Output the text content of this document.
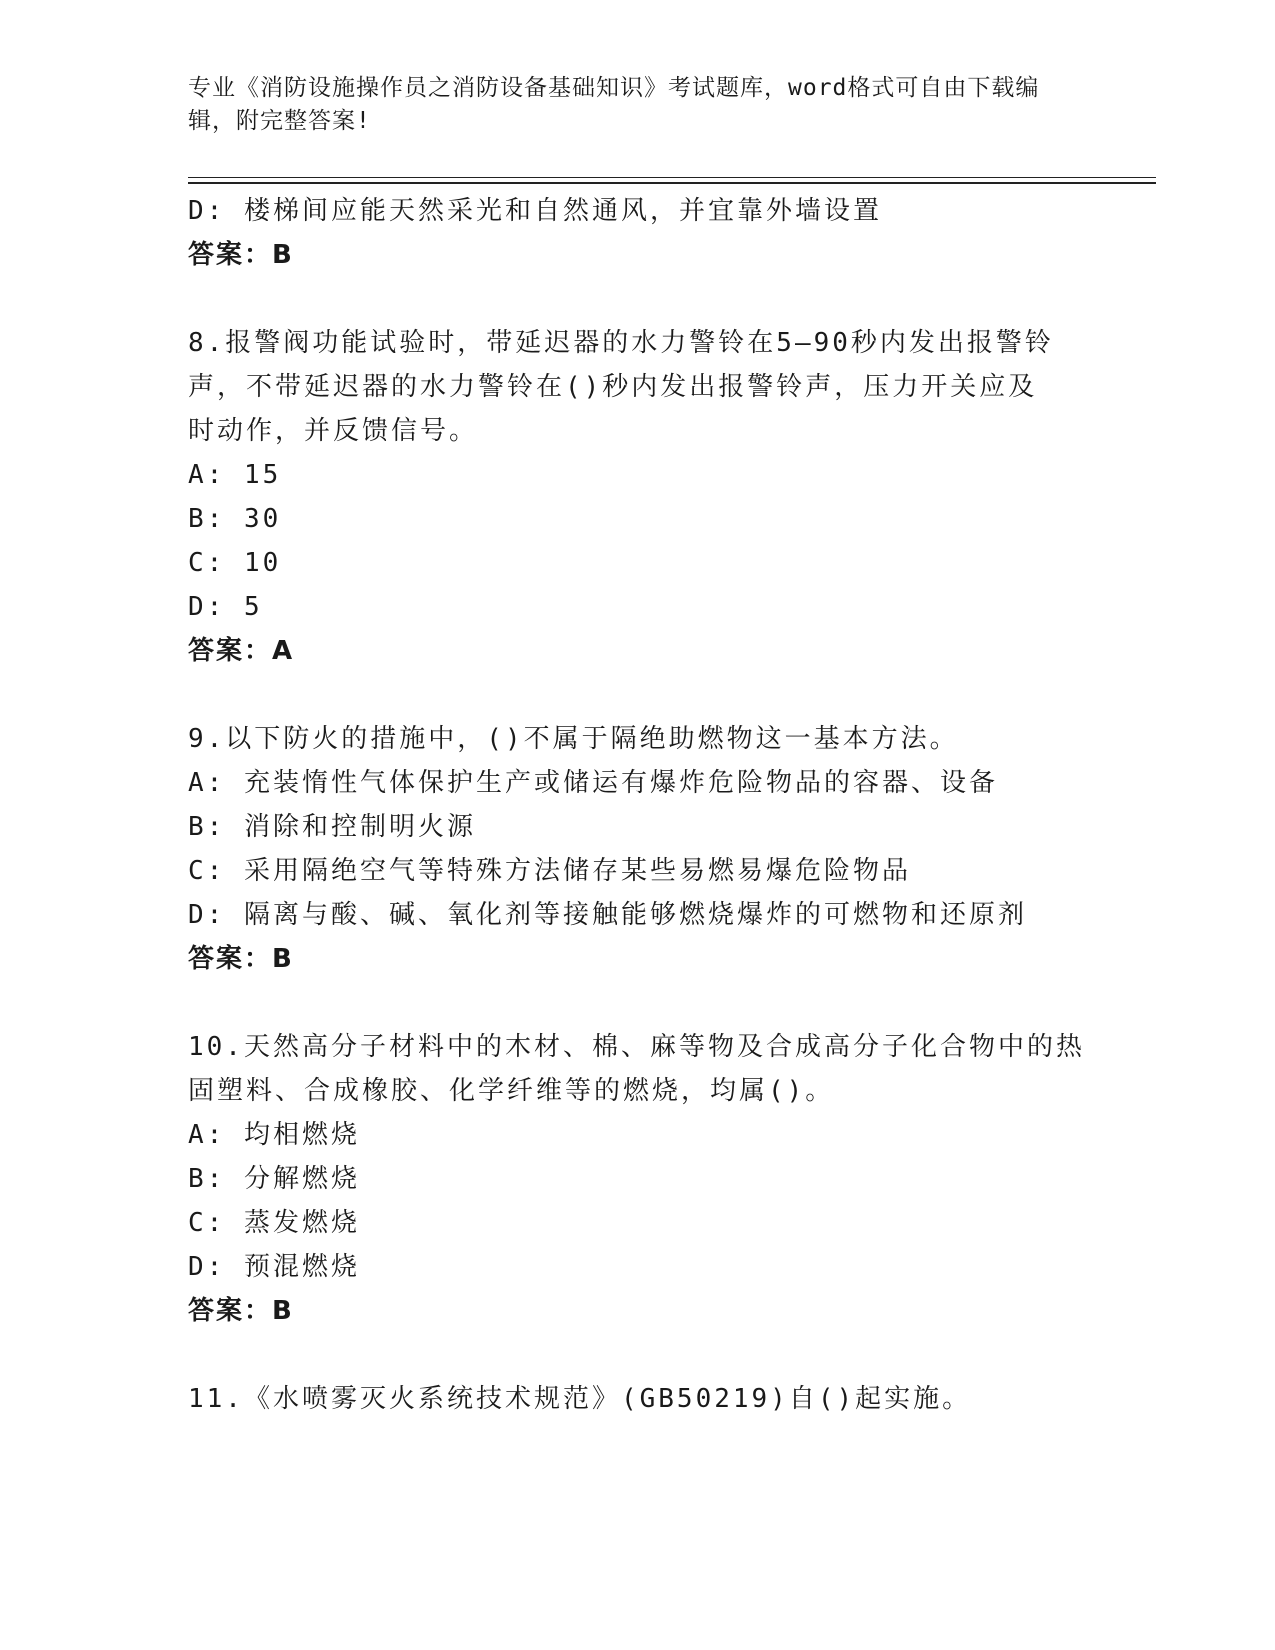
专业《消防设施操作员之消防设备基础知识》考试题库，word格式可自由下载编
辑，附完整答案!
D: 楼梯间应能天然采光和自然通风，并宜靠外墙设置
答案：B
8.报警阀功能试验时，带延迟器的水力警铃在5—90秒内发出报警铃
声，不带延迟器的水力警铃在()秒内发出报警铃声，压力开关应及
时动作，并反馈信号。
A: 15
B: 30
C: 10
D: 5
答案：A
9.以下防火的措施中，()不属于隔绝助燃物这一基本方法。
A: 充装惰性气体保护生产或储运有爆炸危险物品的容器、设备
B: 消除和控制明火源
C: 采用隔绝空气等特殊方法储存某些易燃易爆危险物品
D: 隔离与酸、碱、氧化剂等接触能够燃烧爆炸的可燃物和还原剂
答案：B
10.天然高分子材料中的木材、棉、麻等物及合成高分子化合物中的热
固塑料、合成橡胶、化学纤维等的燃烧，均属()。
A: 均相燃烧
B: 分解燃烧
C: 蒸发燃烧
D: 预混燃烧
答案：B
11.《水喷雾灭火系统技术规范》(GB50219)自()起实施。
